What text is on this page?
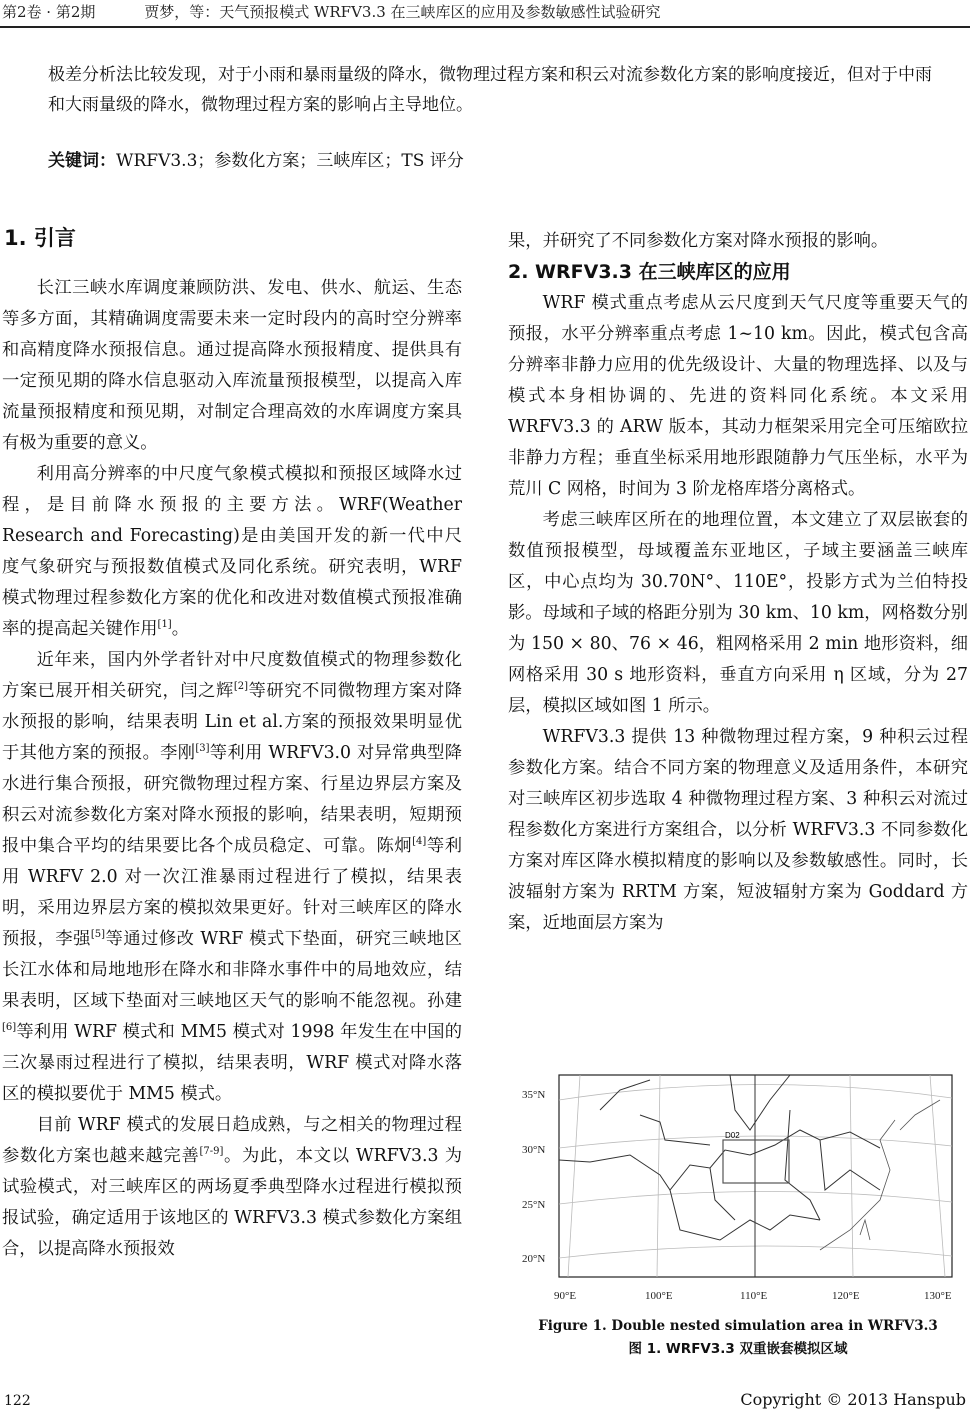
第2卷 · 第2期	贾梦，等：天气预报模式 WRFV3.3 在三峡库区的应用及参数敏感性试验研究
极差分析法比较发现，对于小雨和暴雨量级的降水，微物理过程方案和积云对流参数化方案的影响度接近，但对于中雨和大雨量级的降水，微物理过程方案的影响占主导地位。
关键词：WRFV3.3；参数化方案；三峡库区；TS 评分
1. 引言

长江三峡水库调度兼顾防洪、发电、供水、航运、生态等多方面，其精确调度需要未来一定时段内的高时空分辨率和高精度降水预报信息。通过提高降水预报精度、提供具有一定预见期的降水信息驱动入库流量预报模型，以提高入库流量预报精度和预见期，对制定合理高效的水库调度方案具有极为重要的意义。

利用高分辨率的中尺度气象模式模拟和预报区域降水过程，是目前降水预报的主要方法。WRF(Weather Research and Forecasting)是由美国开发的新一代中尺度气象研究与预报数值模式及同化系统。研究表明，WRF 模式物理过程参数化方案的优化和改进对数值模式预报准确率的提高起关键作用[1]。

近年来，国内外学者针对中尺度数值模式的物理参数化方案已展开相关研究，闫之辉[2]等研究不同微物理方案对降水预报的影响，结果表明 Lin et al.方案的预报效果明显优于其他方案的预报。李刚[3]等利用 WRFV3.0 对异常典型降水进行集合预报，研究微物理过程方案、行星边界层方案及积云对流参数化方案对降水预报的影响，结果表明，短期预报中集合平均的结果要比各个成员稳定、可靠。陈炯[4]等利用 WRFV 2.0 对一次江淮暴雨过程进行了模拟，结果表明，采用边界层方案的模拟效果更好。针对三峡库区的降水预报，李强[5]等通过修改 WRF 模式下垫面，研究三峡地区长江水体和局地地形在降水和非降水事件中的局地效应，结果表明，区域下垫面对三峡地区天气的影响不能忽视。孙建[6]等利用 WRF 模式和 MM5 模式对 1998 年发生在中国的三次暴雨过程进行了模拟，结果表明，WRF 模式对降水落区的模拟要优于 MM5 模式。

目前 WRF 模式的发展日趋成熟，与之相关的物理过程参数化方案也越来越完善[7-9]。为此，本文以 WRFV3.3 为试验模式，对三峡库区的两场夏季典型降水过程进行模拟预报试验，确定适用于该地区的 WRFV3.3 模式参数化方案组合，以提高降水预报效

果，并研究了不同参数化方案对降水预报的影响。

2. WRFV3.3 在三峡库区的应用

WRF 模式重点考虑从云尺度到天气尺度等重要天气的预报，水平分辨率重点考虑 1~10 km。因此，模式包含高分辨率非静力应用的优先级设计、大量的物理选择、以及与模式本身相协调的、先进的资料同化系统。本文采用 WRFV3.3 的 ARW 版本，其动力框架采用完全可压缩欧拉非静力方程；垂直坐标采用地形跟随静力气压坐标，水平为荒川 C 网格，时间为 3 阶龙格库塔分离格式。

考虑三峡库区所在的地理位置，本文建立了双层嵌套的数值预报模型，母域覆盖东亚地区，子域主要涵盖三峡库区，中心点均为 30.70N°、110E°，投影方式为兰伯特投影。母域和子域的格距分别为 30 km、10 km，网格数分别为 150 × 80、76 × 46，粗网格采用 2 min 地形资料，细网格采用 30 s 地形资料，垂直方向采用 η 区域，分为 27 层，模拟区域如图 1 所示。

WRFV3.3 提供 13 种微物理过程方案，9 种积云过程参数化方案。结合不同方案的物理意义及适用条件，本研究对三峡库区初步选取 4 种微物理过程方案、3 种积云对流过程参数化方案进行方案组合，以分析 WRFV3.3 不同参数化方案对库区降水模拟精度的影响以及参数敏感性。同时，长波辐射方案为 RRTM 方案，短波辐射方案为 Goddard 方案，近地面层方案为

D02
35°N
30°N
25°N
20°N
90°E	100°E	110°E	120°E	130°E
Figure 1. Double nested simulation area in WRFV3.3
图 1. WRFV3.3 双重嵌套模拟区域
122	Copyright © 2013 Hanspub
